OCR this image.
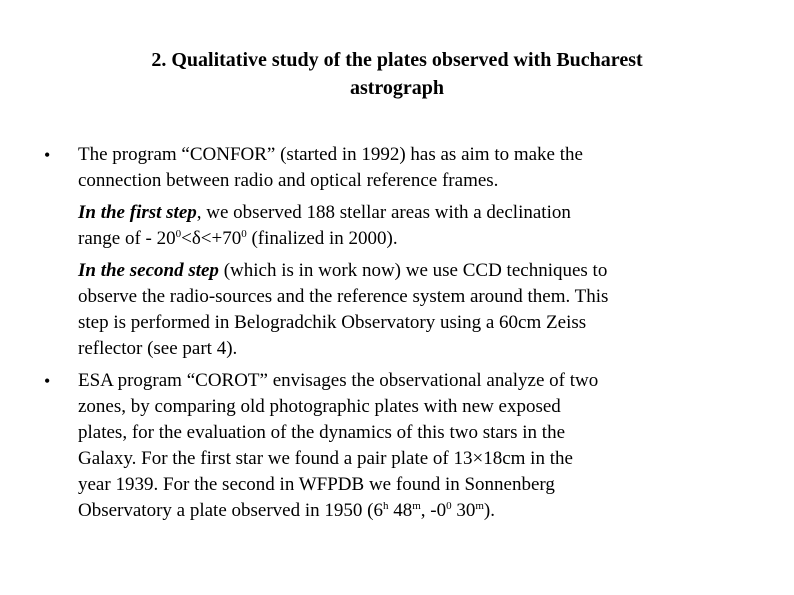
2. Qualitative study of the plates observed with Bucharest
astrograph
• The program “CONFOR” (started in 1992) has as aim to make the
connection between radio and optical reference frames.
In the first step, we observed 188 stellar areas with a declination
range of - $20^0<\delta<+70^0$ (finalized in 2000).
In the second step (which is in work now) we use CCD techniques to
observe the radio-sources and the reference system around them. This
step is performed in Belogradchik Observatory using a 60cm Zeiss
reflector (see part 4).
• ESA program “COROT” envisages the observational analyze of two
zones, by comparing old photographic plates with new exposed
plates, for the evaluation of the dynamics of this two stars in the
Galaxy. For the first star we found a pair plate of 13×18cm in the
year 1939. For the second in WFPDB we found in Sonnenberg
Observatory a plate observed in 1950 (6$^h$ 48$^m$, $-0^0$ 30$^m$).
